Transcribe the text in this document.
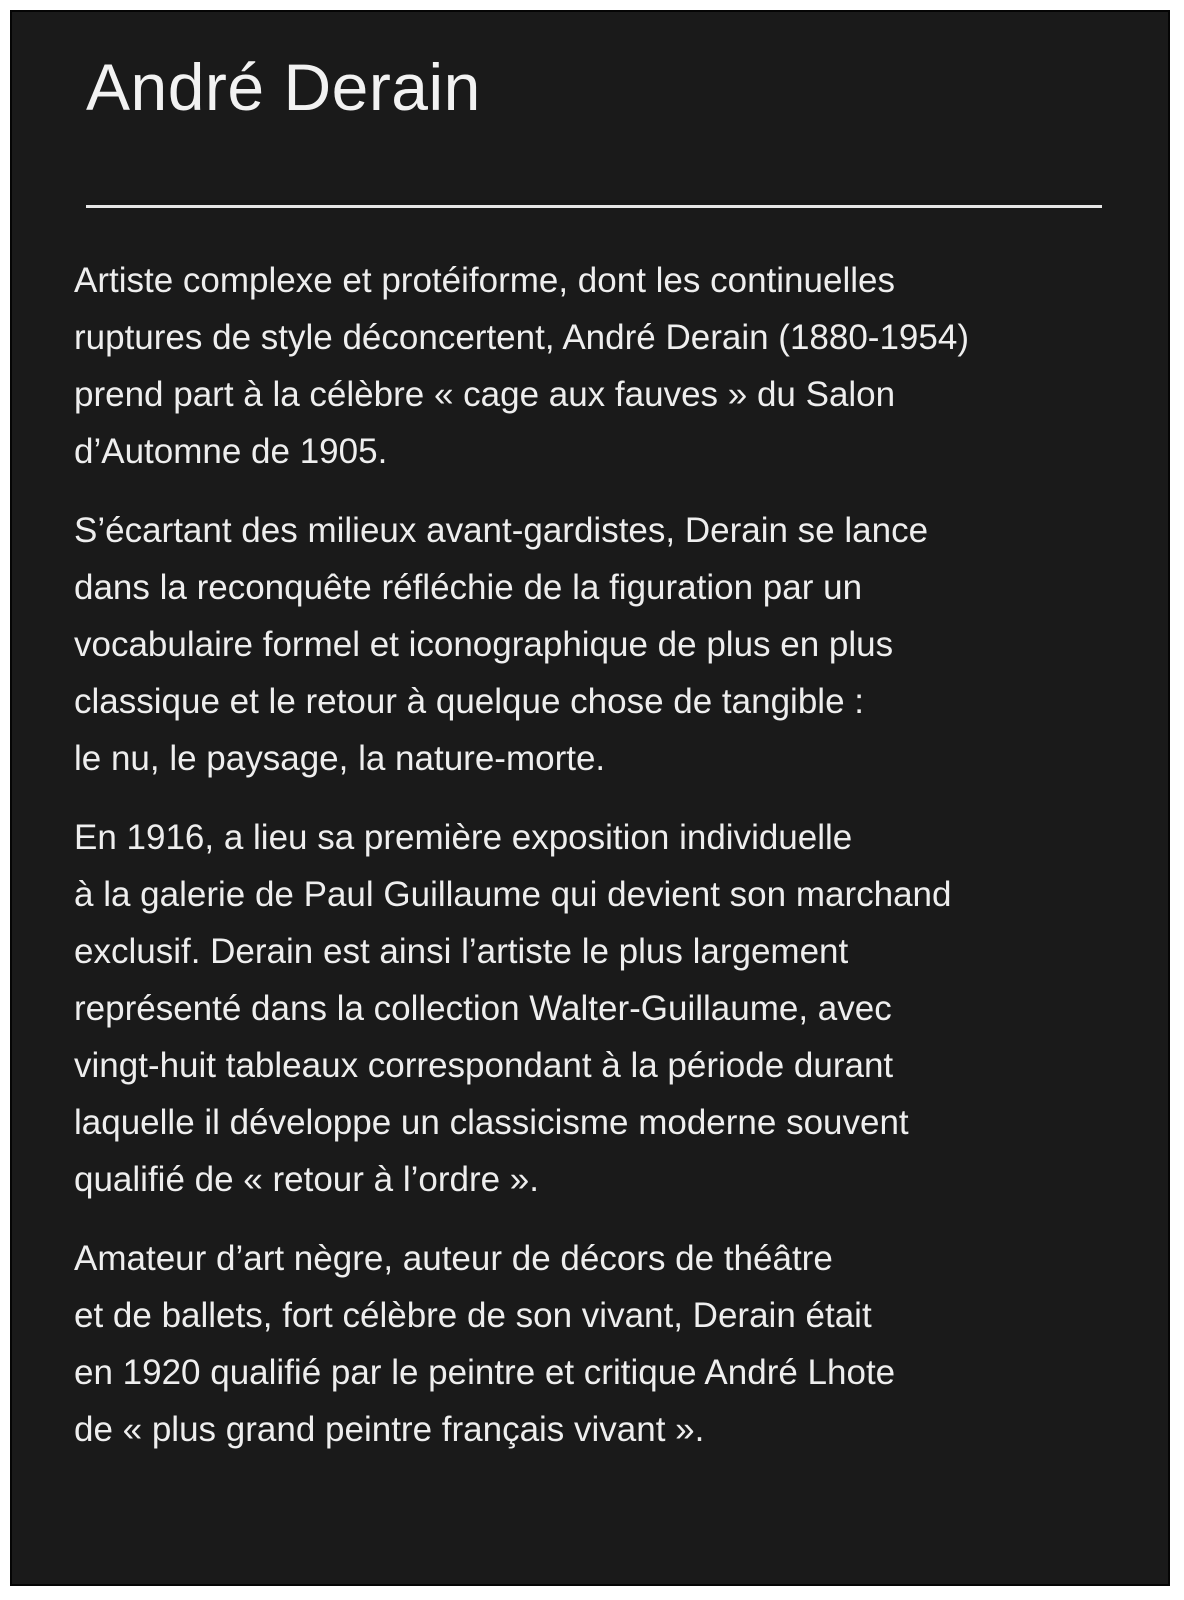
André Derain

Artiste complexe et protéiforme, dont les continuelles
ruptures de style déconcertent, André Derain (1880-1954)
prend part à la célèbre « cage aux fauves » du Salon
d’Automne de 1905.

S’écartant des milieux avant-gardistes, Derain se lance
dans la reconquête réfléchie de la figuration par un
vocabulaire formel et iconographique de plus en plus
classique et le retour à quelque chose de tangible :
le nu, le paysage, la nature-morte.

En 1916, a lieu sa première exposition individuelle
à la galerie de Paul Guillaume qui devient son marchand
exclusif. Derain est ainsi l’artiste le plus largement
représenté dans la collection Walter-Guillaume, avec
vingt-huit tableaux correspondant à la période durant
laquelle il développe un classicisme moderne souvent
qualifié de « retour à l’ordre ».

Amateur d’art nègre, auteur de décors de théâtre
et de ballets, fort célèbre de son vivant, Derain était
en 1920 qualifié par le peintre et critique André Lhote
de « plus grand peintre français vivant ».
